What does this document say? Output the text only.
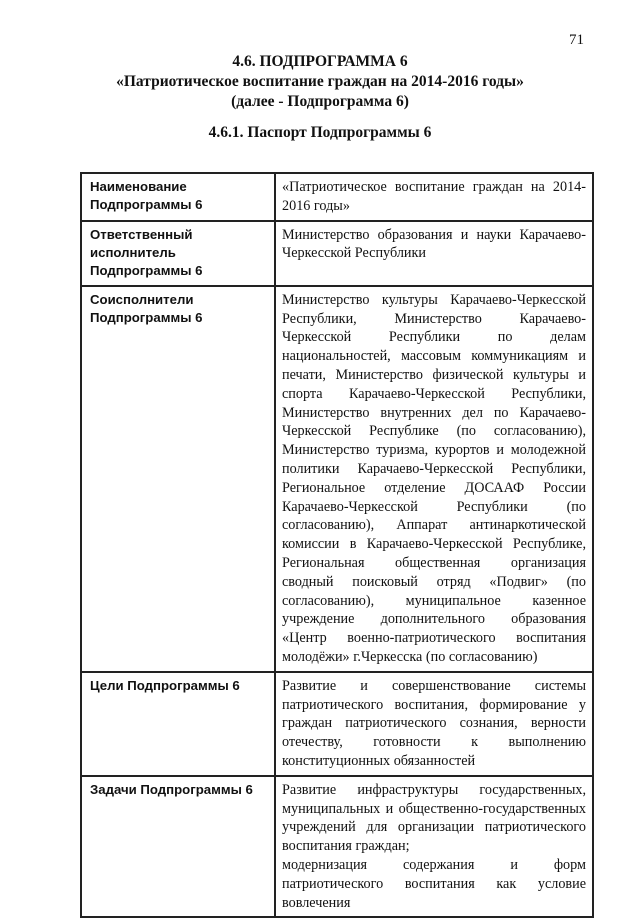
71
4.6. ПОДПРОГРАММА 6
«Патриотическое воспитание граждан на 2014-2016 годы»
(далее - Подпрограмма 6)
4.6.1. Паспорт Подпрограммы 6
Наименование Подпрограммы 6	«Патриотическое воспитание граждан на 2014-2016 годы»
Ответственный исполнитель Подпрограммы 6	Министерство образования и науки Карачаево-Черкесской Республики
Соисполнители Подпрограммы 6	Министерство культуры Карачаево-Черкесской Республики, Министерство Карачаево-Черкесской Республики по делам национальностей, массовым коммуникациям и печати, Министерство физической культуры и спорта Карачаево-Черкесской Республики, Министерство внутренних дел по Карачаево-Черкесской Республике (по согласованию), Министерство туризма, курортов и молодежной политики Карачаево-Черкесской Республики, Региональное отделение ДОСААФ России Карачаево-Черкесской Республики (по согласованию), Аппарат антинаркотической комиссии в Карачаево-Черкесской Республике, Региональная общественная организация сводный поисковый отряд «Подвиг» (по согласованию), муниципальное казенное учреждение дополнительного образования «Центр военно-патриотического воспитания молодёжи» г.Черкесска (по согласованию)
Цели Подпрограммы 6	Развитие и совершенствование системы патриотического воспитания, формирование у граждан патриотического сознания, верности отечеству, готовности к выполнению конституционных обязанностей
Задачи Подпрограммы 6	Развитие инфраструктуры государственных, муниципальных и общественно-государственных учреждений для организации патриотического воспитания граждан;
модернизация содержания и форм патриотического воспитания как условие вовлечения
